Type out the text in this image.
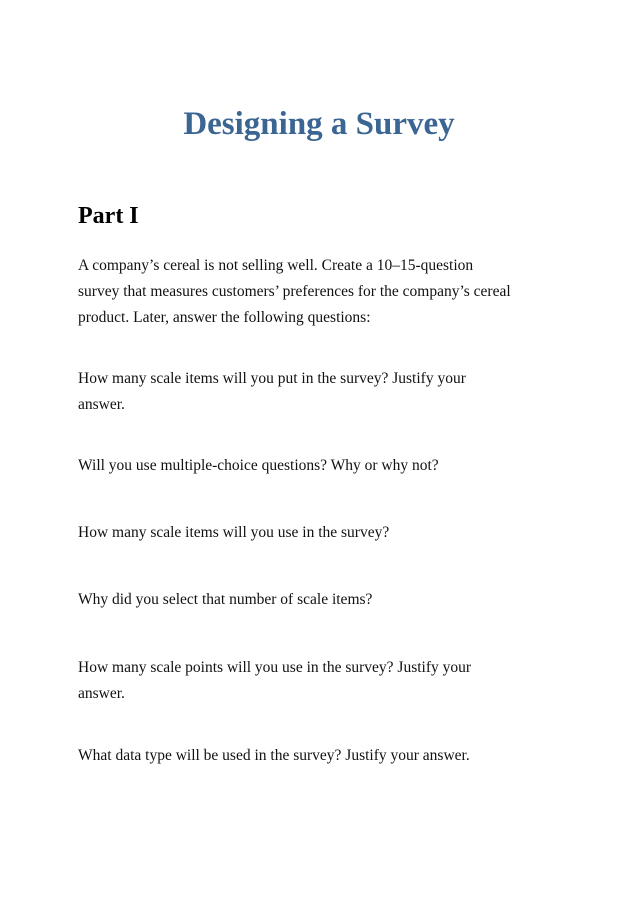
Designing a Survey
Part I

A company’s cereal is not selling well. Create a 10–15-question
survey that measures customers’ preferences for the company’s cereal
product. Later, answer the following questions:

How many scale items will you put in the survey? Justify your
answer.

Will you use multiple-choice questions? Why or why not?

How many scale items will you use in the survey?

Why did you select that number of scale items?

How many scale points will you use in the survey? Justify your
answer.

What data type will be used in the survey? Justify your answer.
